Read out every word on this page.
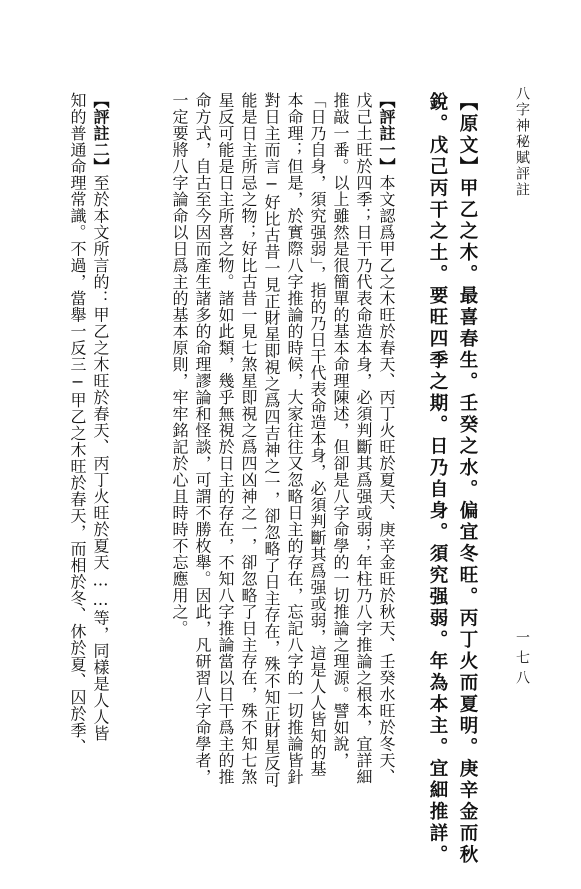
八字神秘賦評註
一七八
【原文】甲乙之木。最喜春生。壬癸之水。偏宜冬旺。丙丁火而夏明。庚辛金而秋
銳。戊己丙干之土。要旺四季之期。日乃自身。須究强弱。年為本主。宜細推詳。
【評註一】本文認爲甲乙之木旺於春天、丙丁火旺於夏天、庚辛金旺於秋天、壬癸水旺於冬天、
戊己土旺於四季；日干乃代表命造本身，必須判斷其爲强或弱；年柱乃八字推論之根本，宜詳細
推敲一番。以上雖然是很簡單的基本命理陳述，但卻是八字命學的一切推論之理源。譬如說，
「日乃自身，須究强弱」，指的乃日干代表命造本身，必須判斷其爲强或弱，這是人人皆知的基
本命理；但是，於實際八字推論的時候，大家往往又忽略日主的存在，忘記八字的一切推論皆針
對日主而言─好比古昔一見正財星即視之爲四吉神之一，卻忽略了日主存在，殊不知正財星反可
能是日主所忌之物；好比古昔一見七煞星即視之爲四凶神之一，卻忽略了日主存在，殊不知七煞
星反可能是日主所喜之物。諸如此類，幾乎無視於日主的存在，不知八字推論當以日干爲主的推
命方式，自古至今因而產生諸多的命理謬論和怪談，可謂不勝枚舉。因此，凡研習八字命學者，
一定要將八字論命以日爲主的基本原則，牢牢銘記於心且時時不忘應用之。
【評註二】至於本文所言的：甲乙之木旺於春天、丙丁火旺於夏天……等，同樣是人人皆
知的普通命理常識。不過，當舉一反三─甲乙之木旺於春天，而相於冬、休於夏、囚於季、
